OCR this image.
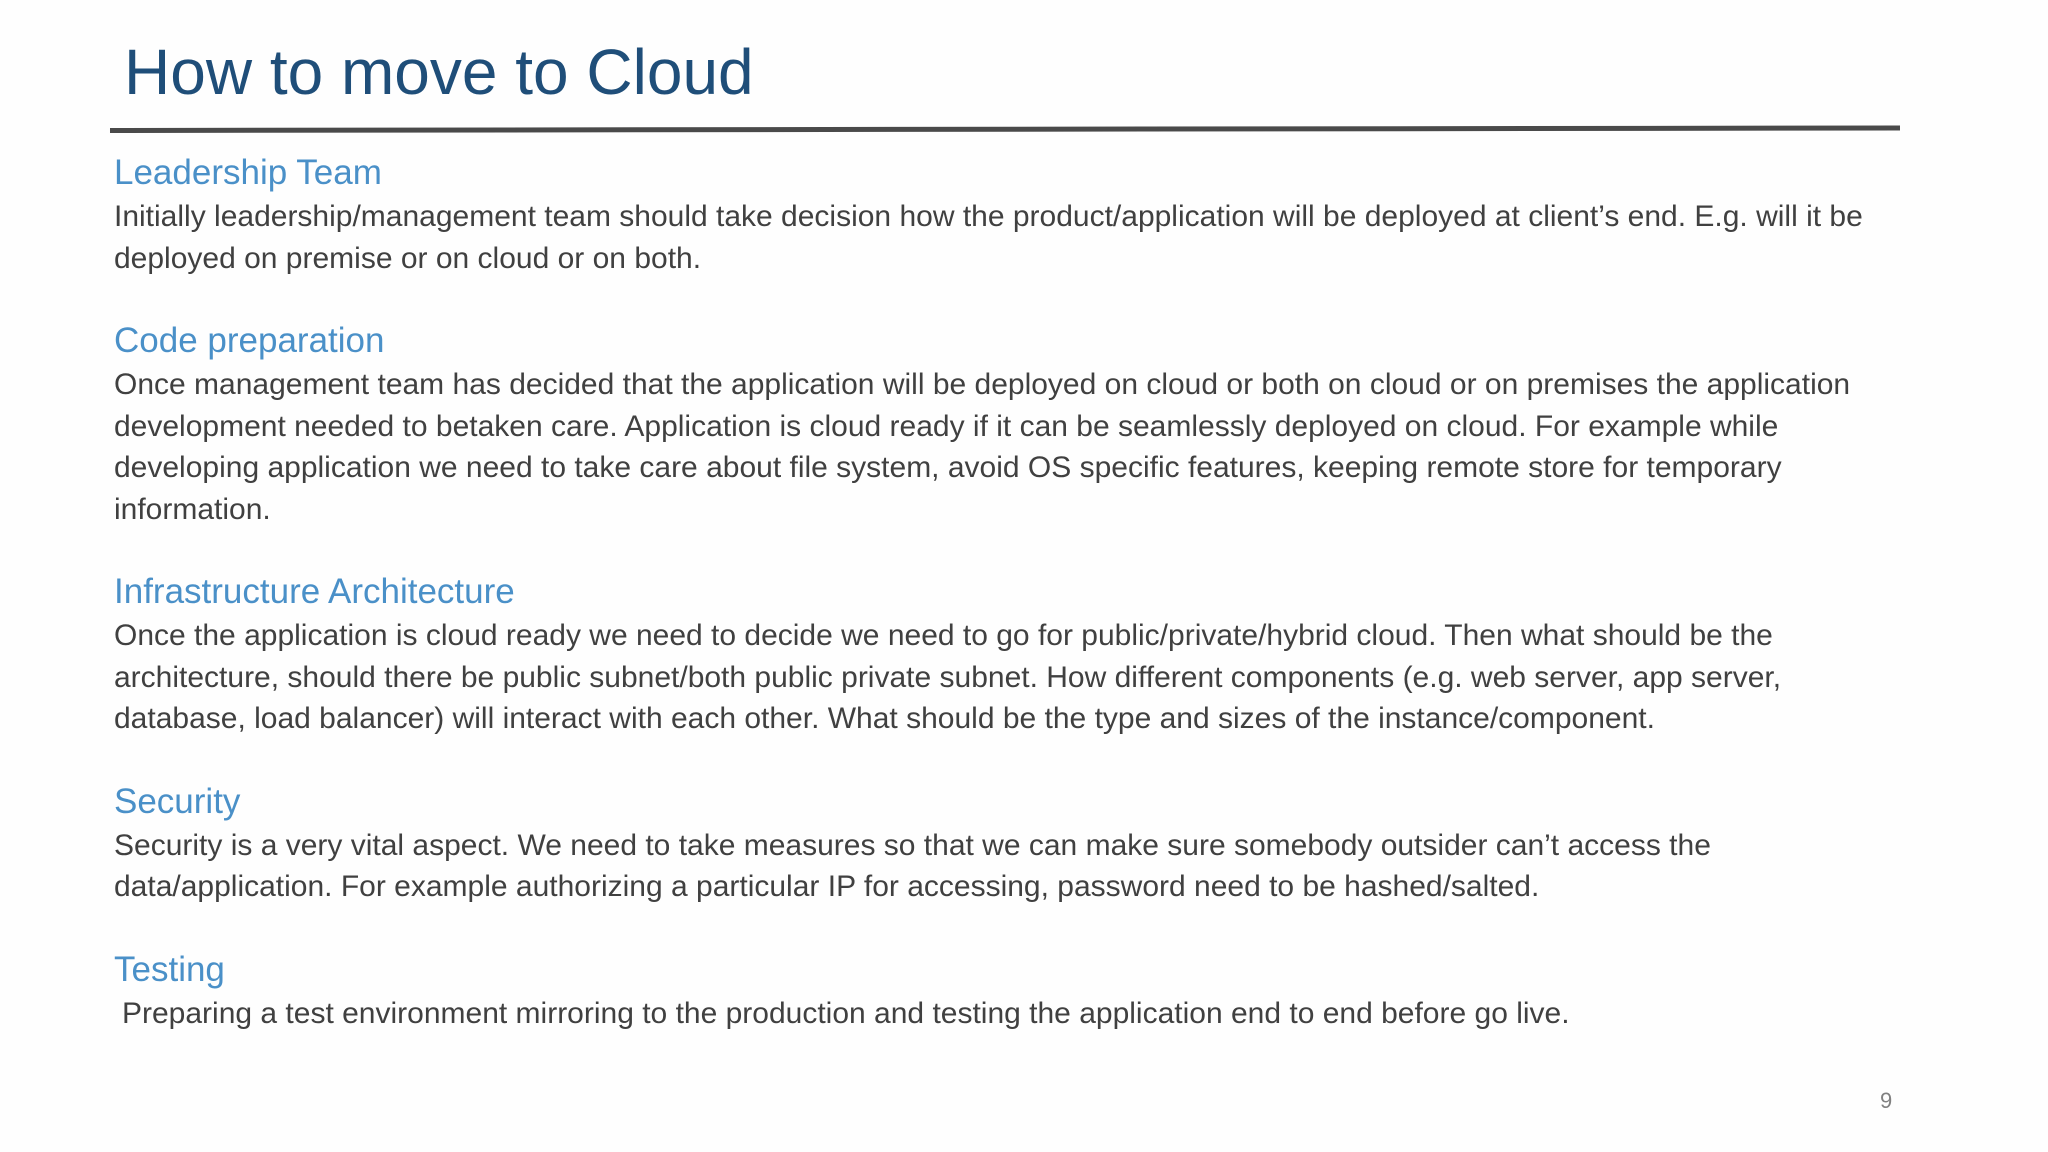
How to move to Cloud
Leadership Team
Initially leadership/management team should take decision how the product/application will be deployed at client’s end. E.g. will it be deployed on premise or on cloud or on both.
Code preparation
Once management team has decided that the application will be deployed on cloud or both on cloud or on premises the application development needed to betaken care. Application is cloud ready if it can be seamlessly deployed on cloud. For example while developing application we need to take care about file system, avoid OS specific features, keeping remote store for temporary information.
Infrastructure Architecture
Once the application is cloud ready we need to decide we need to go for public/private/hybrid cloud. Then what should be the architecture, should there be public subnet/both public private subnet. How different components (e.g. web server, app server, database, load balancer) will interact with each other. What should be the type and sizes of the instance/component.
Security
Security is a very vital aspect. We need to take measures so that we can make sure somebody outsider can’t access the data/application. For example authorizing a particular IP for accessing, password need to be hashed/salted.
Testing
Preparing a test environment mirroring to the production and testing the application end to end before go live.
9
